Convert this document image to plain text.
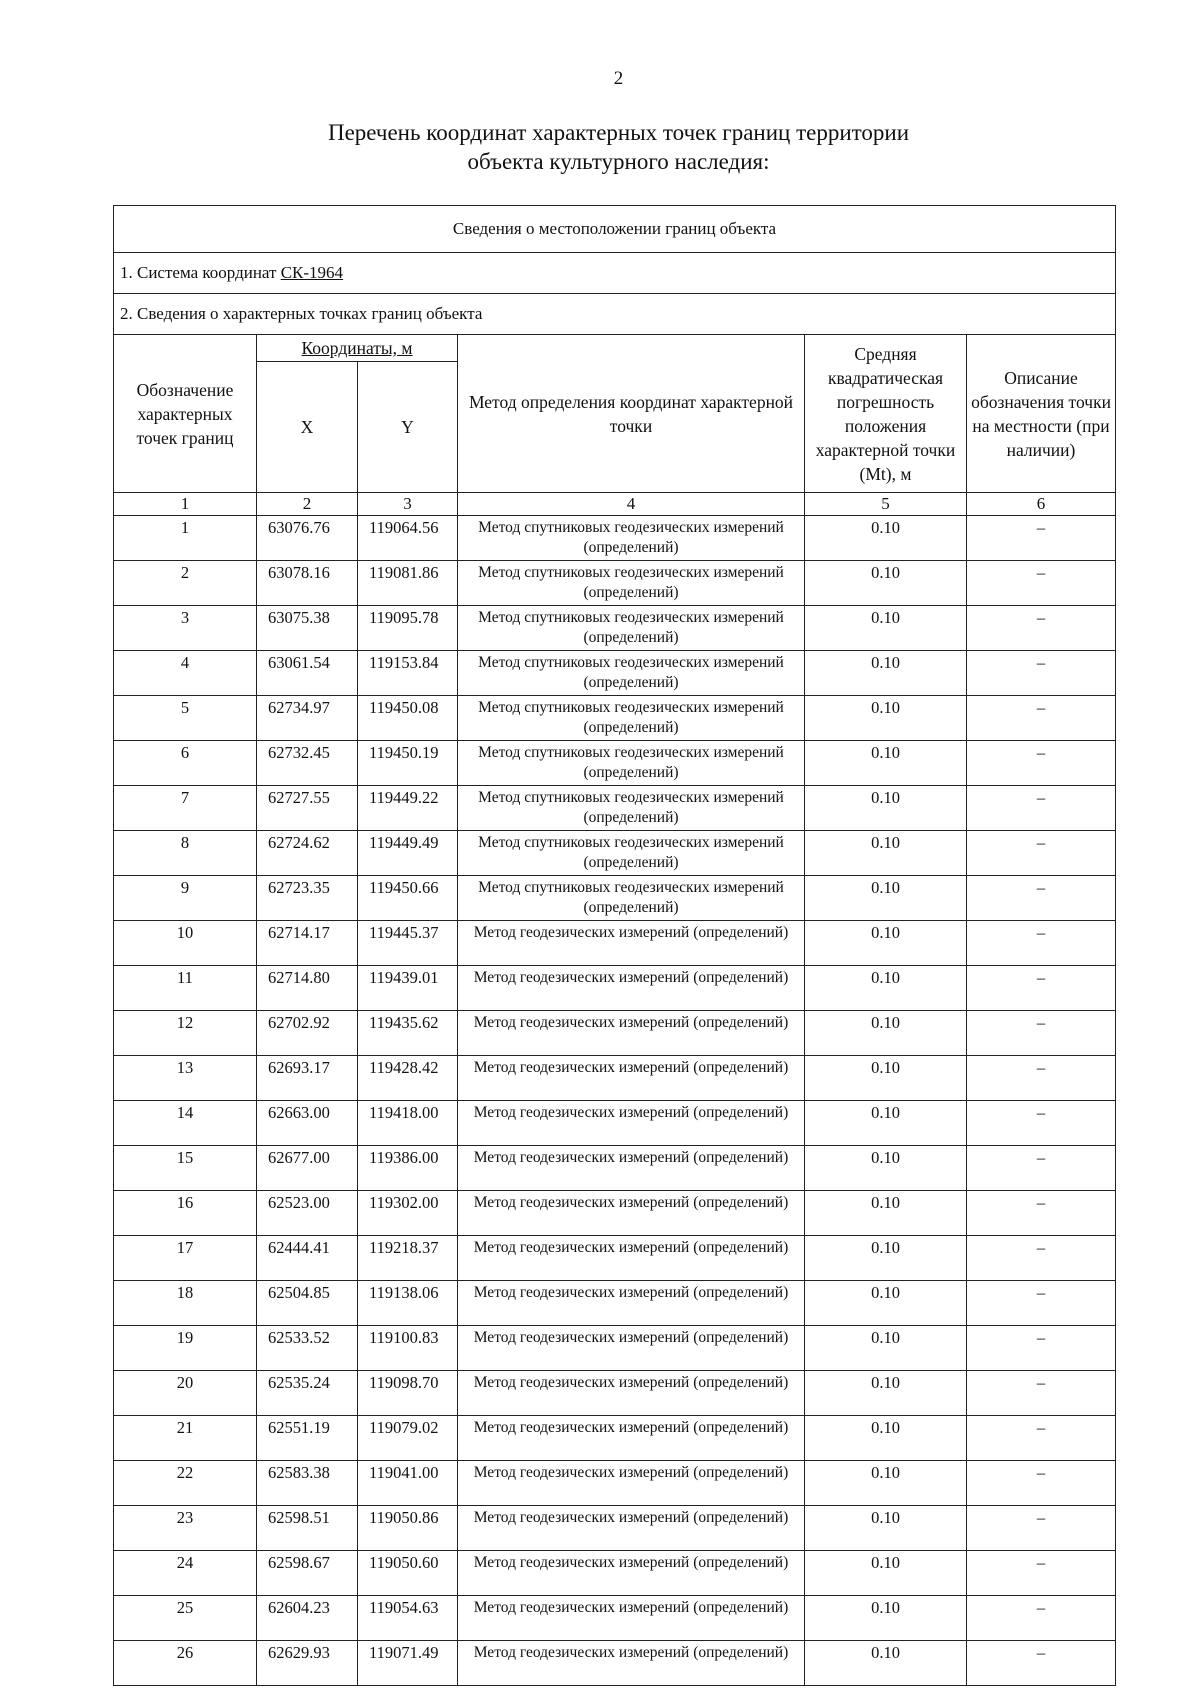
2
Перечень координат характерных точек границ территории
объекта культурного наследия:
Сведения о местоположении границ объекта					
1. Система координат СК-1964					
2. Сведения о характерных точках границ объекта					
Обозначение характерных точек границ	Координаты, м		Метод определения координат характерной точки	Средняя квадратическая погрешность положения характерной точки (Mt), м	Описание обозначения точки на местности (при наличии)
	X	Y			
1	2	3	4	5	6
1	63076.76	119064.56	Метод спутниковых геодезических измерений (определений)	0.10	–
2	63078.16	119081.86	Метод спутниковых геодезических измерений (определений)	0.10	–
3	63075.38	119095.78	Метод спутниковых геодезических измерений (определений)	0.10	–
4	63061.54	119153.84	Метод спутниковых геодезических измерений (определений)	0.10	–
5	62734.97	119450.08	Метод спутниковых геодезических измерений (определений)	0.10	–
6	62732.45	119450.19	Метод спутниковых геодезических измерений (определений)	0.10	–
7	62727.55	119449.22	Метод спутниковых геодезических измерений (определений)	0.10	–
8	62724.62	119449.49	Метод спутниковых геодезических измерений (определений)	0.10	–
9	62723.35	119450.66	Метод спутниковых геодезических измерений (определений)	0.10	–
10	62714.17	119445.37	Метод геодезических измерений (определений)	0.10	–
11	62714.80	119439.01	Метод геодезических измерений (определений)	0.10	–
12	62702.92	119435.62	Метод геодезических измерений (определений)	0.10	–
13	62693.17	119428.42	Метод геодезических измерений (определений)	0.10	–
14	62663.00	119418.00	Метод геодезических измерений (определений)	0.10	–
15	62677.00	119386.00	Метод геодезических измерений (определений)	0.10	–
16	62523.00	119302.00	Метод геодезических измерений (определений)	0.10	–
17	62444.41	119218.37	Метод геодезических измерений (определений)	0.10	–
18	62504.85	119138.06	Метод геодезических измерений (определений)	0.10	–
19	62533.52	119100.83	Метод геодезических измерений (определений)	0.10	–
20	62535.24	119098.70	Метод геодезических измерений (определений)	0.10	–
21	62551.19	119079.02	Метод геодезических измерений (определений)	0.10	–
22	62583.38	119041.00	Метод геодезических измерений (определений)	0.10	–
23	62598.51	119050.86	Метод геодезических измерений (определений)	0.10	–
24	62598.67	119050.60	Метод геодезических измерений (определений)	0.10	–
25	62604.23	119054.63	Метод геодезических измерений (определений)	0.10	–
26	62629.93	119071.49	Метод геодезических измерений (определений)	0.10	–
